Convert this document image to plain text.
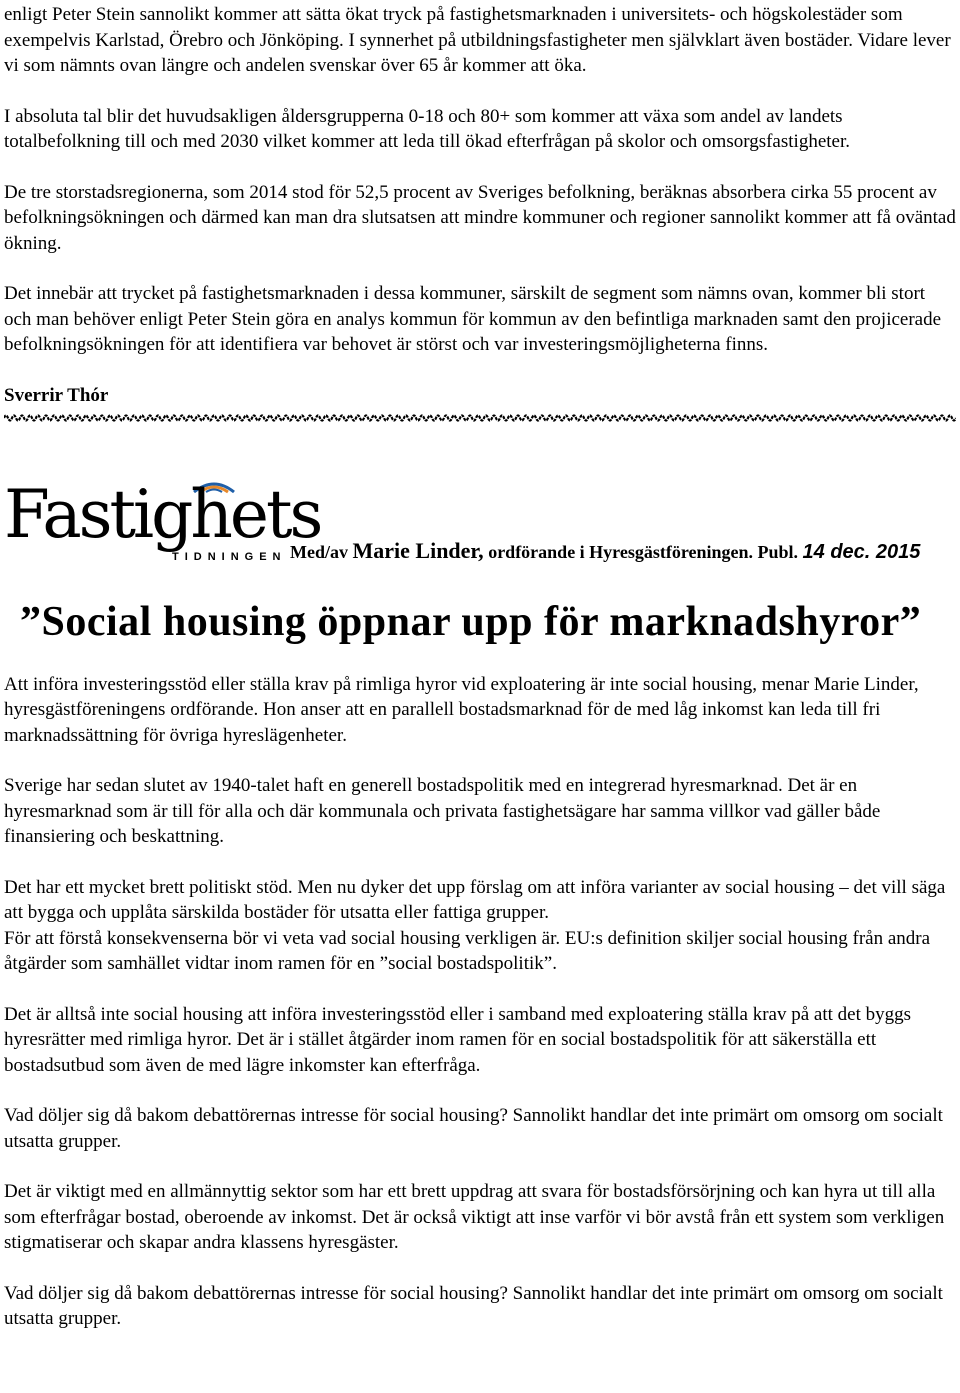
enligt Peter Stein sannolikt kommer att sätta ökat tryck på fastighetsmarknaden i universitets- och högskolestäder som exempelvis Karlstad, Örebro och Jönköping. I synnerhet på utbildningsfastigheter men självklart även bostäder. Vidare lever vi som nämnts ovan längre och andelen svenskar över 65 år kommer att öka.

I absoluta tal blir det huvudsakligen åldersgrupperna 0-18 och 80+ som kommer att växa som andel av landets totalbefolkning till och med 2030 vilket kommer att leda till ökad efterfrågan på skolor och omsorgsfastigheter.

De tre storstadsregionerna, som 2014 stod för 52,5 procent av Sveriges befolkning, beräknas absorbera cirka 55 procent av befolkningsökningen och därmed kan man dra slutsatsen att mindre kommuner och regioner sannolikt kommer att få oväntad ökning.

Det innebär att trycket på fastighetsmarknaden i dessa kommuner, särskilt de segment som nämns ovan, kommer bli stort och man behöver enligt Peter Stein göra en analys kommun för kommun av den befintliga marknaden samt den projicerade befolkningsökningen för att identifiera var behovet är störst och var investeringsmöjligheterna finns.

Sverrir Thór

Fastighets
TIDNINGEN Med/av Marie Linder, ordförande i Hyresgästföreningen. Publ. 14 dec. 2015
”Social housing öppnar upp för marknadshyror”

Att införa investeringsstöd eller ställa krav på rimliga hyror vid exploatering är inte social housing, menar Marie Linder, hyresgästföreningens ordförande. Hon anser att en parallell bostadsmarknad för de med låg inkomst kan leda till fri marknadssättning för övriga hyreslägenheter.

Sverige har sedan slutet av 1940-talet haft en generell bostadspolitik med en integrerad hyresmarknad. Det är en hyresmarknad som är till för alla och där kommunala och privata fastighetsägare har samma villkor vad gäller både finansiering och beskattning.

Det har ett mycket brett politiskt stöd. Men nu dyker det upp förslag om att införa varianter av social housing – det vill säga att bygga och upplåta särskilda bostäder för utsatta eller fattiga grupper.

För att förstå konsekvenserna bör vi veta vad social housing verkligen är. EU:s definition skiljer social housing från andra åtgärder som samhället vidtar inom ramen för en ”social bostadspolitik”.

Det är alltså inte social housing att införa investeringsstöd eller i samband med exploatering ställa krav på att det byggs hyresrätter med rimliga hyror. Det är i stället åtgärder inom ramen för en social bostadspolitik för att säkerställa ett bostadsutbud som även de med lägre inkomster kan efterfråga.

Vad döljer sig då bakom debattörernas intresse för social housing? Sannolikt handlar det inte primärt om omsorg om socialt utsatta grupper.

Det är viktigt med en allmännyttig sektor som har ett brett uppdrag att svara för bostadsförsörjning och kan hyra ut till alla som efterfrågar bostad, oberoende av inkomst. Det är också viktigt att inse varför vi bör avstå från ett system som verkligen stigmatiserar och skapar andra klassens hyresgäster.

Vad döljer sig då bakom debattörernas intresse för social housing? Sannolikt handlar det inte primärt om omsorg om socialt utsatta grupper.
